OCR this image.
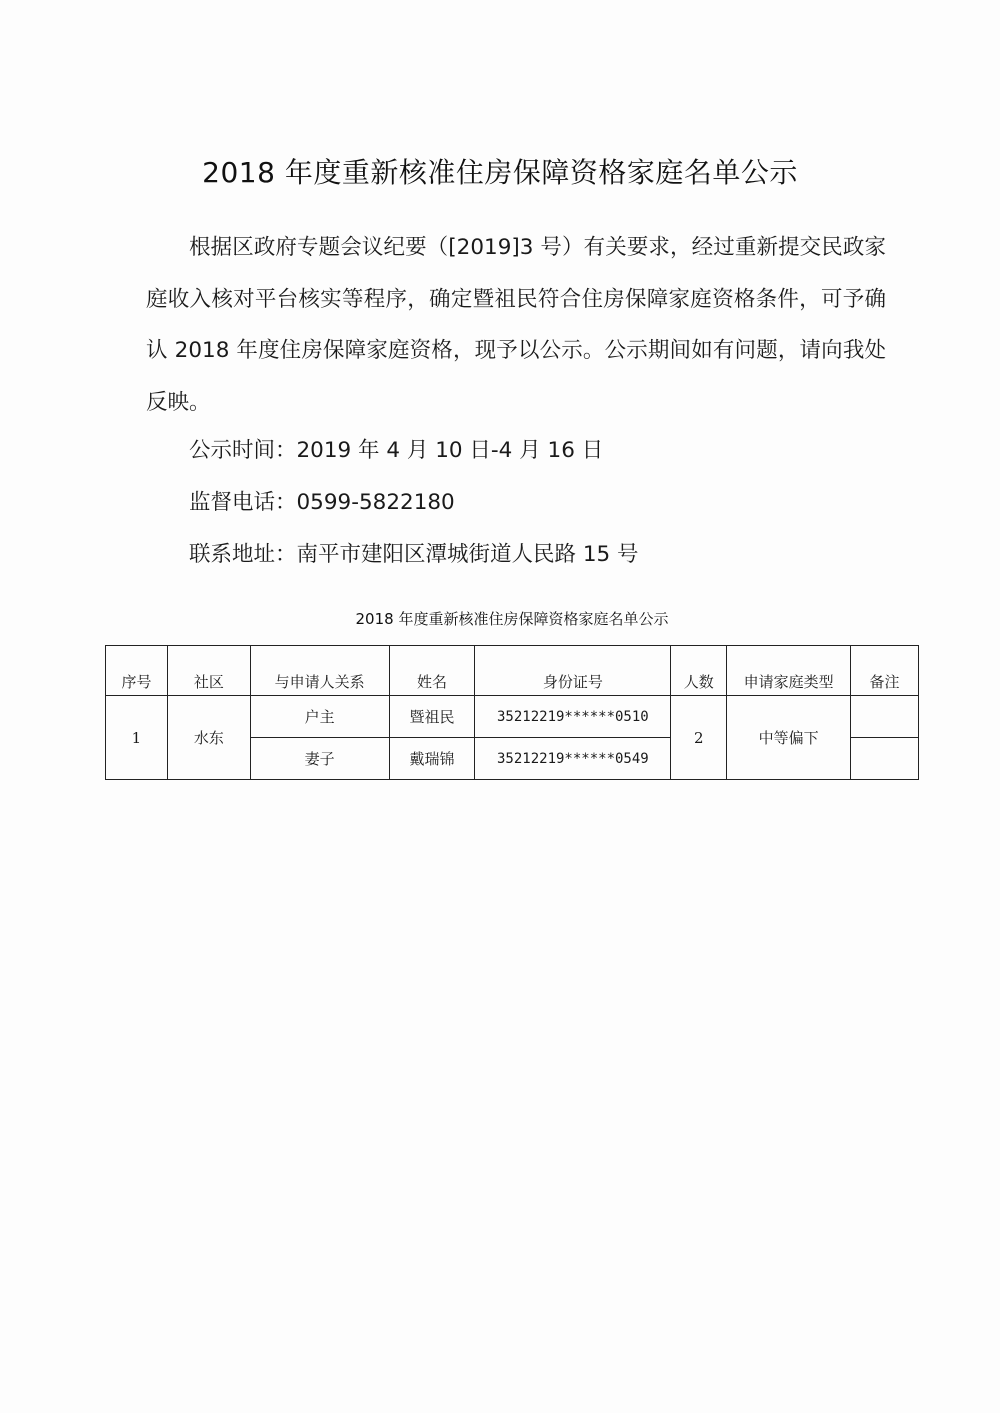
2018 年度重新核准住房保障资格家庭名单公示

根据区政府专题会议纪要（[2019]3 号）有关要求，经过重新提交民政家庭收入核对平台核实等程序，确定暨祖民符合住房保障家庭资格条件，可予确认 2018 年度住房保障家庭资格，现予以公示。公示期间如有问题，请向我处反映。

公示时间：2019 年 4 月 10 日-4 月 16 日
监督电话：0599-5822180
联系地址：南平市建阳区潭城街道人民路 15 号
2018 年度重新核准住房保障资格家庭名单公示
序号	社区	与申请人关系	姓名	身份证号	人数	申请家庭类型	备注
1	水东	户主	暨祖民	35212219******0510	2	中等偏下	
		妻子	戴瑞锦	35212219******0549			
